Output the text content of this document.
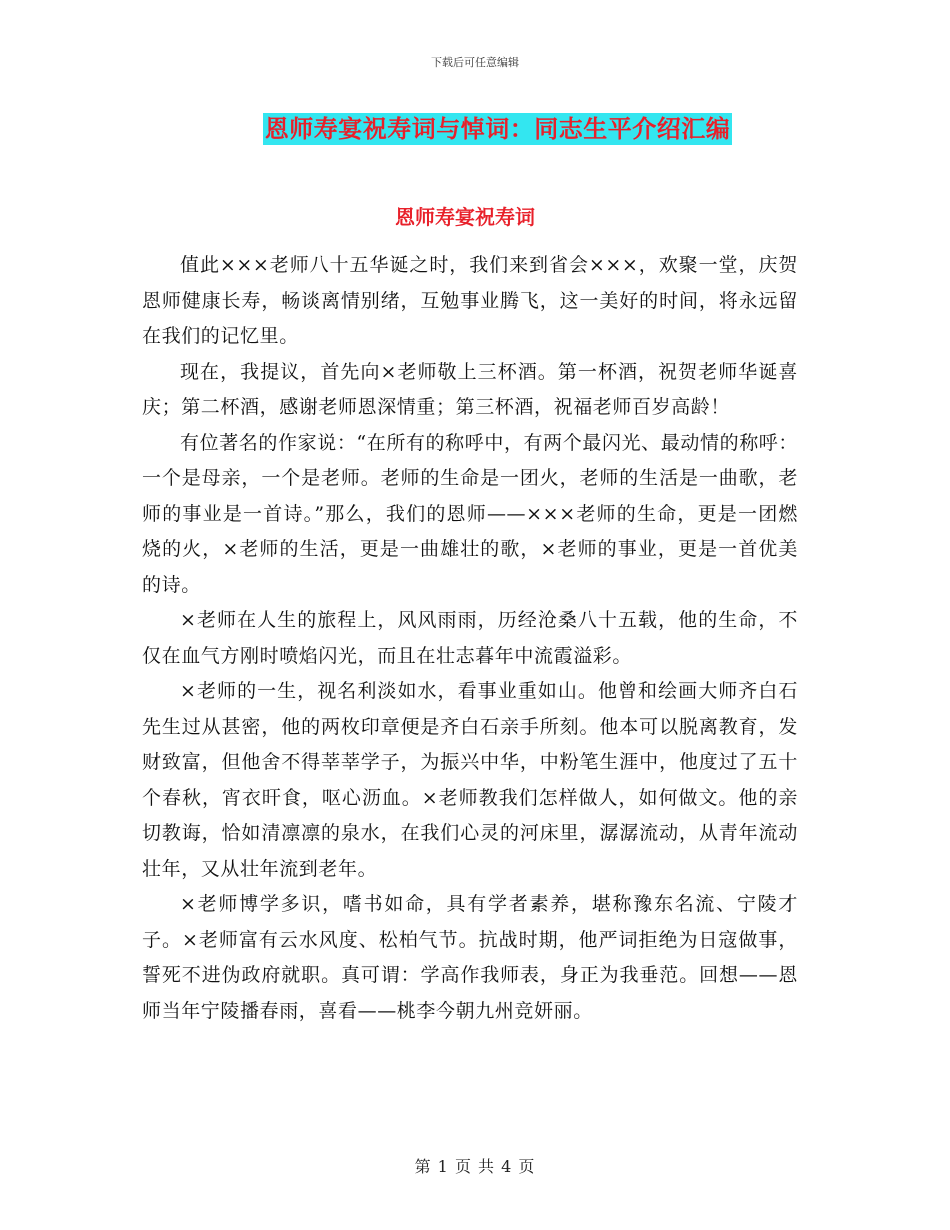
下载后可任意编辑
恩师寿宴祝寿词与悼词：同志生平介绍汇编
恩师寿宴祝寿词

值此×××老师八十五华诞之时，我们来到省会×××，欢聚一堂，庆贺恩师健康长寿，畅谈离情别绪，互勉事业腾飞，这一美好的时间，将永远留在我们的记忆里。

现在，我提议，首先向×老师敬上三杯酒。第一杯酒，祝贺老师华诞喜庆；第二杯酒，感谢老师恩深情重；第三杯酒，祝福老师百岁高龄！

有位著名的作家说：“在所有的称呼中，有两个最闪光、最动情的称呼：一个是母亲，一个是老师。老师的生命是一团火，老师的生活是一曲歌，老师的事业是一首诗。”那么，我们的恩师——×××老师的生命，更是一团燃烧的火，×老师的生活，更是一曲雄壮的歌，×老师的事业，更是一首优美的诗。

×老师在人生的旅程上，风风雨雨，历经沧桑八十五载，他的生命，不仅在血气方刚时喷焰闪光，而且在壮志暮年中流霞溢彩。

×老师的一生，视名利淡如水，看事业重如山。他曾和绘画大师齐白石先生过从甚密，他的两枚印章便是齐白石亲手所刻。他本可以脱离教育，发财致富，但他舍不得莘莘学子，为振兴中华，中粉笔生涯中，他度过了五十个春秋，宵衣旰食，呕心沥血。×老师教我们怎样做人，如何做文。他的亲切教诲，恰如清凛凛的泉水，在我们心灵的河床里，潺潺流动，从青年流动壮年，又从壮年流到老年。

×老师博学多识，嗜书如命，具有学者素养，堪称豫东名流、宁陵才子。×老师富有云水风度、松柏气节。抗战时期，他严词拒绝为日寇做事，誓死不进伪政府就职。真可谓：学高作我师表，身正为我垂范。回想——恩师当年宁陵播春雨，喜看——桃李今朝九州竞妍丽。

第 1 页 共 4 页
